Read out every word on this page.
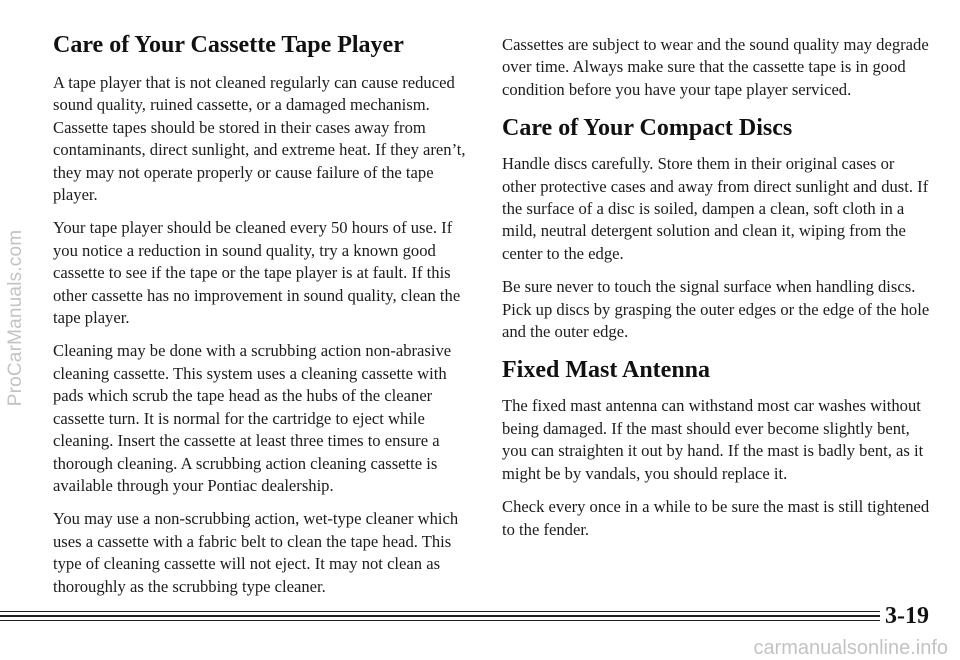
ProCarManuals.com
Care of Your Cassette Tape Player

A tape player that is not cleaned regularly can cause reduced sound quality, ruined cassette, or a damaged mechanism. Cassette tapes should be stored in their cases away from contaminants, direct sunlight, and extreme heat. If they aren’t, they may not operate properly or cause failure of the tape player.

Your tape player should be cleaned every 50 hours of use. If you notice a reduction in sound quality, try a known good cassette to see if the tape or the tape player is at fault. If this other cassette has no improvement in sound quality, clean the tape player.

Cleaning may be done with a scrubbing action non-abrasive cleaning cassette. This system uses a cleaning cassette with pads which scrub the tape head as the hubs of the cleaner cassette turn. It is normal for the cartridge to eject while cleaning. Insert the cassette at least three times to ensure a thorough cleaning. A scrubbing action cleaning cassette is available through your Pontiac dealership.

You may use a non-scrubbing action, wet-type cleaner which uses a cassette with a fabric belt to clean the tape head. This type of cleaning cassette will not eject. It may not clean as thoroughly as the scrubbing type cleaner.

Cassettes are subject to wear and the sound quality may degrade over time. Always make sure that the cassette tape is in good condition before you have your tape player serviced.

Care of Your Compact Discs

Handle discs carefully. Store them in their original cases or other protective cases and away from direct sunlight and dust. If the surface of a disc is soiled, dampen a clean, soft cloth in a mild, neutral detergent solution and clean it, wiping from the center to the edge.

Be sure never to touch the signal surface when handling discs. Pick up discs by grasping the outer edges or the edge of the hole and the outer edge.

Fixed Mast Antenna

The fixed mast antenna can withstand most car washes without being damaged. If the mast should ever become slightly bent, you can straighten it out by hand. If the mast is badly bent, as it might be by vandals, you should replace it.

Check every once in a while to be sure the mast is still tightened to the fender.

3-19
carmanualsonline.info
